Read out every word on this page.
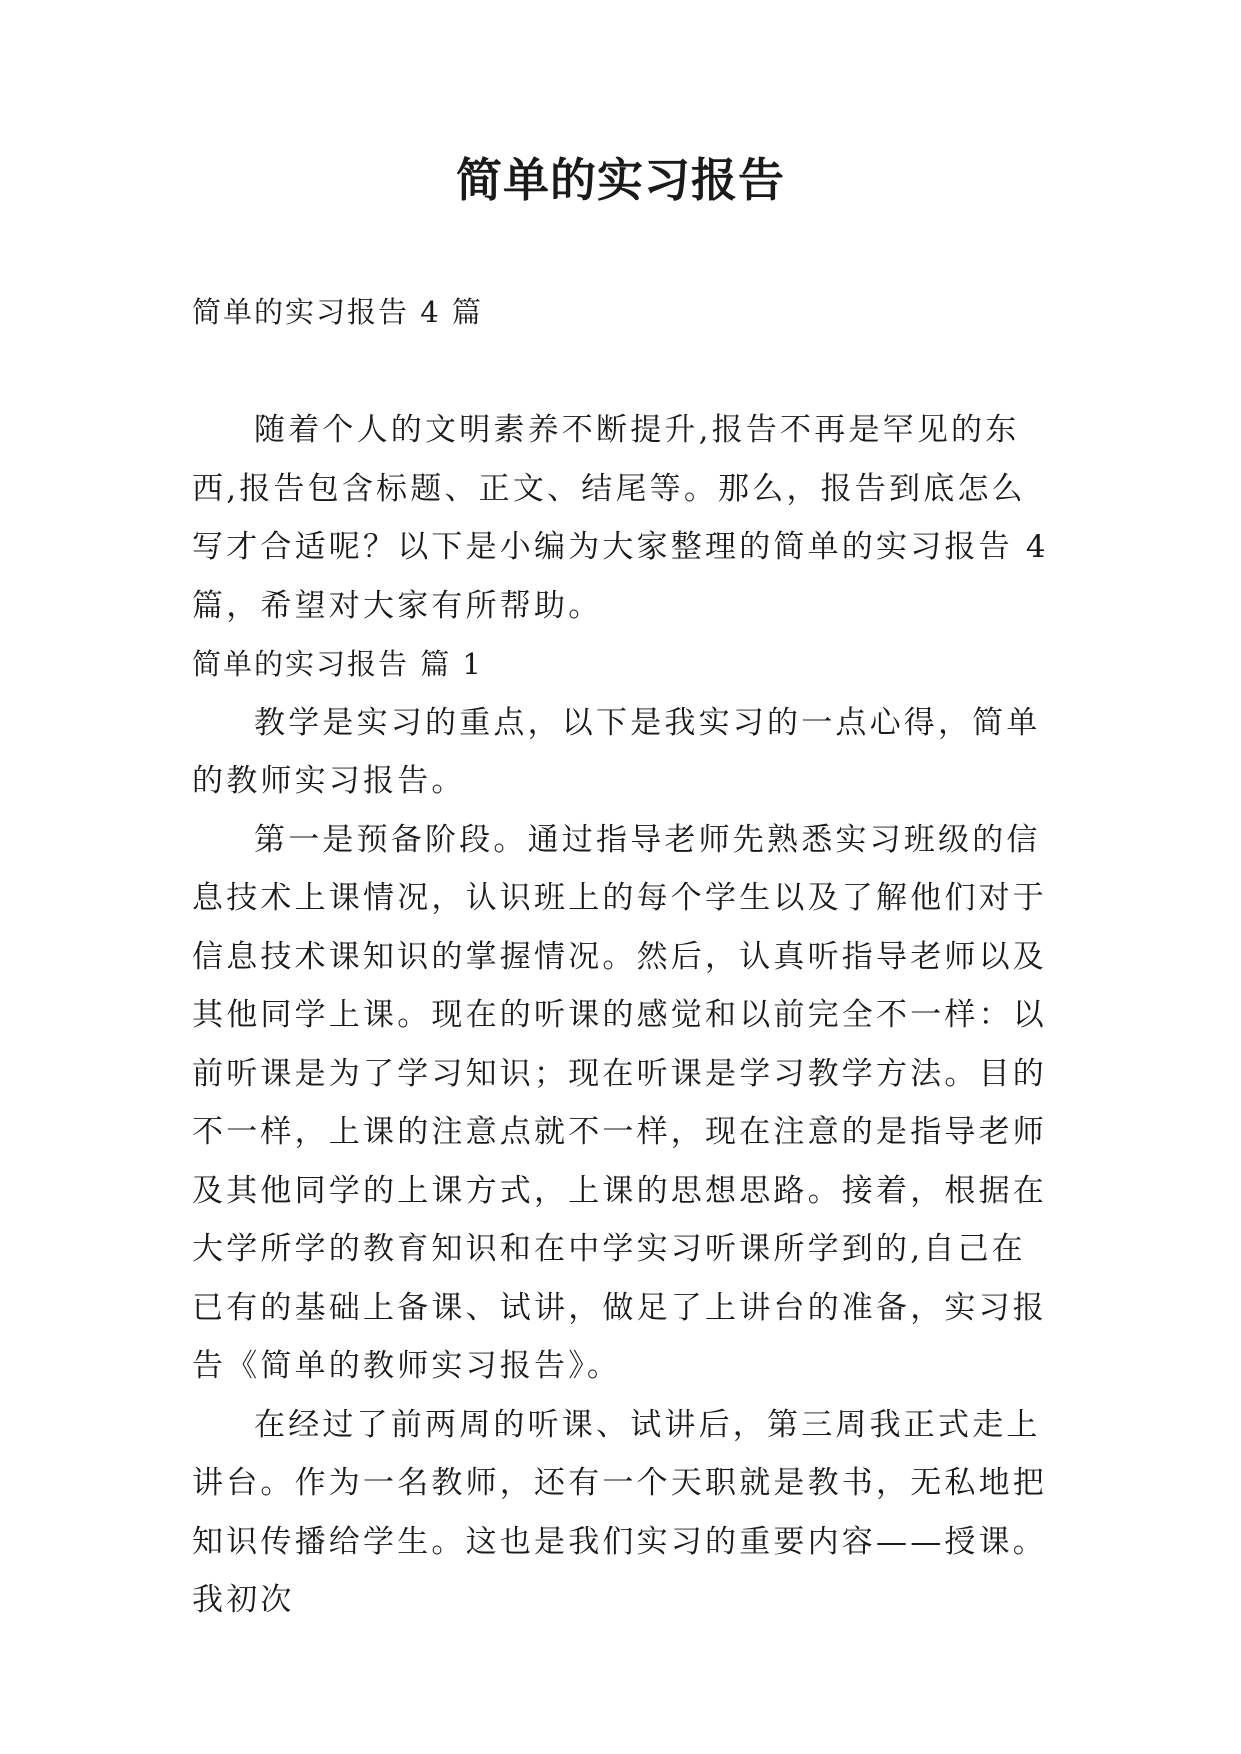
简单的实习报告

简单的实习报告 4 篇

随着个人的文明素养不断提升,报告不再是罕见的东西,报告包含标题、正文、结尾等。那么，报告到底怎么写才合适呢？以下是小编为大家整理的简单的实习报告 4 篇，希望对大家有所帮助。

简单的实习报告 篇 1

教学是实习的重点，以下是我实习的一点心得，简单的教师实习报告。

第一是预备阶段。通过指导老师先熟悉实习班级的信息技术上课情况，认识班上的每个学生以及了解他们对于信息技术课知识的掌握情况。然后，认真听指导老师以及其他同学上课。现在的听课的感觉和以前完全不一样：以前听课是为了学习知识；现在听课是学习教学方法。目的不一样，上课的注意点就不一样，现在注意的是指导老师及其他同学的上课方式，上课的思想思路。接着，根据在大学所学的教育知识和在中学实习听课所学到的,自己在已有的基础上备课、试讲，做足了上讲台的准备，实习报告《简单的教师实习报告》。

在经过了前两周的听课、试讲后，第三周我正式走上讲台。作为一名教师，还有一个天职就是教书，无私地把知识传播给学生。这也是我们实习的重要内容——授课。我初次
